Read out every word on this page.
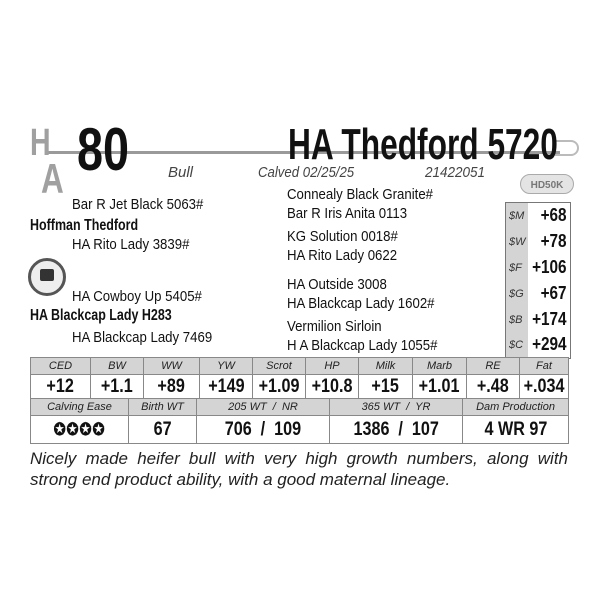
H
A 80	HA Thedford 5720
Bull	Calved 02/25/25	21422051
HD50K
Bar R Jet Black 5063#
Hoffman Thedford
HA Rito Lady 3839#
HA Cowboy Up 5405#
HA Blackcap Lady H283
HA Blackcap Lady 7469
Connealy Black Granite#
Bar R Iris Anita 0113
KG Solution 0018#
HA Rito Lady 0622
HA Outside 3008
HA Blackcap Lady 1602#
Vermilion Sirloin
H A Blackcap Lady 1055#
$M +68
$W +78
$F +106
$G +67
$B +174
$C +294
CED	BW	WW	YW	Scrot	HP	Milk	Marb	RE	Fat
+12	+1.1	+89	+149	+1.09	+10.8	+15	+1.01	+.48	+.034
Calving Ease	Birth WT	205 WT  /  NR	365 WT  /  YR	Dam Production
✪✪✪✪	67	706  /  109	1386  /  107	4 WR 97
Nicely made heifer bull with very high growth numbers, along with strong end product ability, with a good maternal lineage.
